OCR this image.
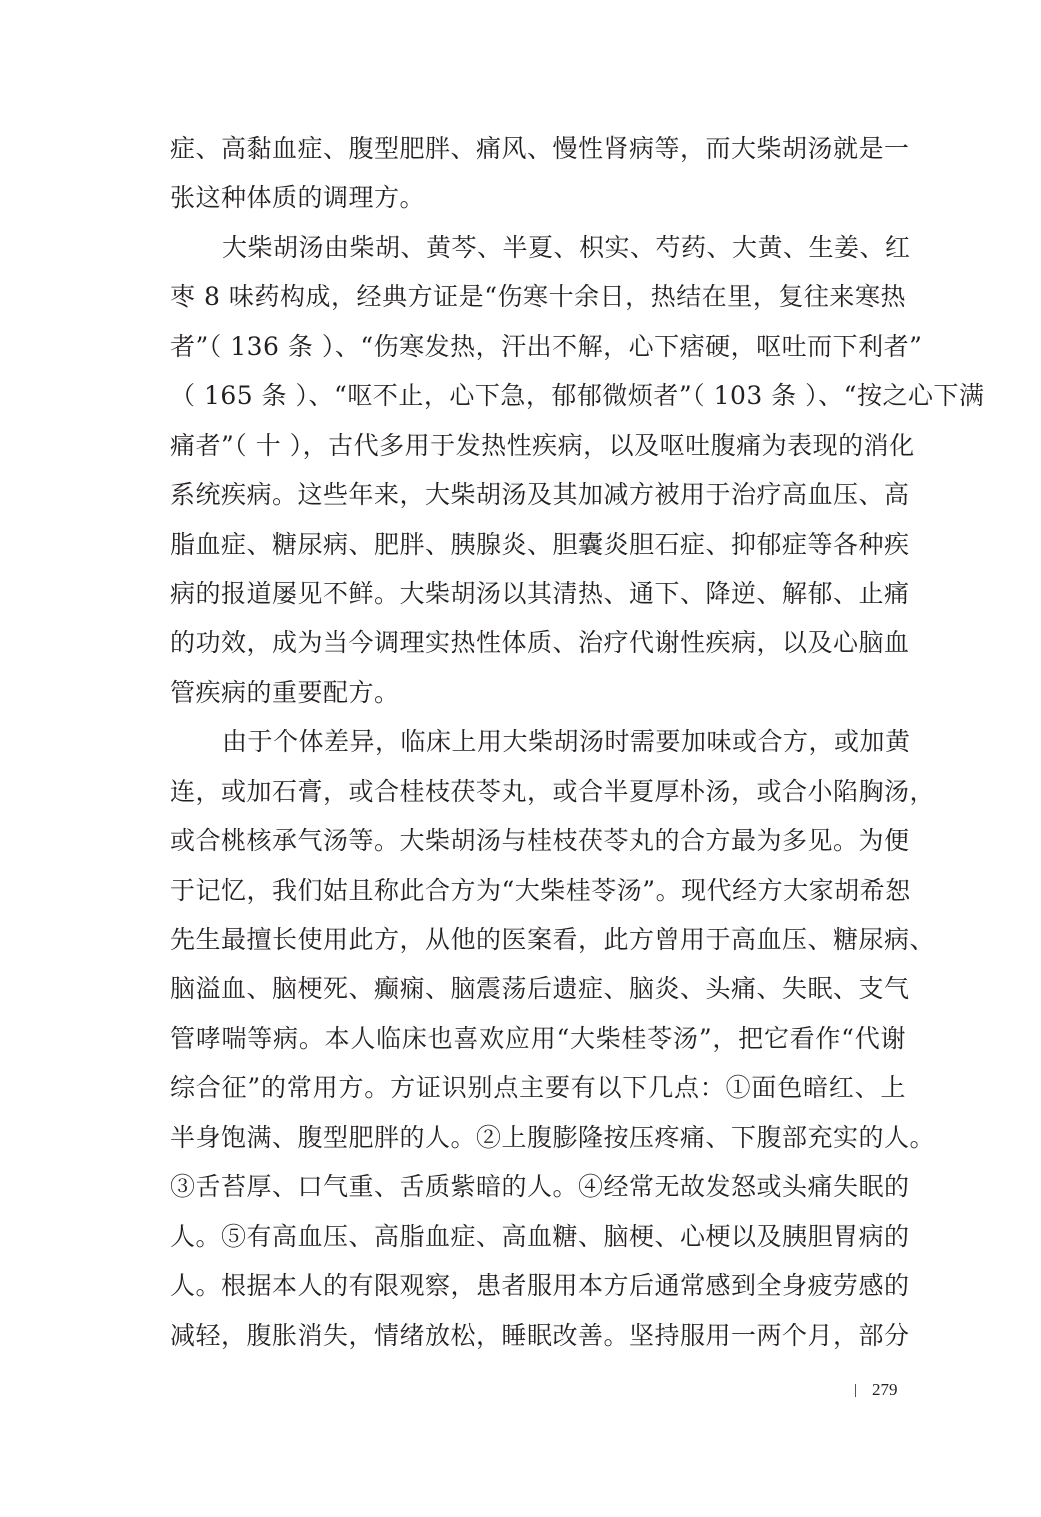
症、高黏血症、腹型肥胖、痛风、慢性肾病等，而大柴胡汤就是一
张这种体质的调理方。
大柴胡汤由柴胡、黄芩、半夏、枳实、芍药、大黄、生姜、红
枣 8 味药构成，经典方证是“伤寒十余日，热结在里，复往来寒热
者”（ 136 条 ）、“伤寒发热，汗出不解，心下痞硬，呕吐而下利者”
（ 165 条 ）、“呕不止，心下急，郁郁微烦者”（ 103 条 ）、“按之心下满
痛者”（ 十 ），古代多用于发热性疾病，以及呕吐腹痛为表现的消化
系统疾病。这些年来，大柴胡汤及其加减方被用于治疗高血压、高
脂血症、糖尿病、肥胖、胰腺炎、胆囊炎胆石症、抑郁症等各种疾
病的报道屡见不鲜。大柴胡汤以其清热、通下、降逆、解郁、止痛
的功效，成为当今调理实热性体质、治疗代谢性疾病，以及心脑血
管疾病的重要配方。
由于个体差异，临床上用大柴胡汤时需要加味或合方，或加黄
连，或加石膏，或合桂枝茯苓丸，或合半夏厚朴汤，或合小陷胸汤，
或合桃核承气汤等。大柴胡汤与桂枝茯苓丸的合方最为多见。为便
于记忆，我们姑且称此合方为“大柴桂苓汤”。现代经方大家胡希恕
先生最擅长使用此方，从他的医案看，此方曾用于高血压、糖尿病、
脑溢血、脑梗死、癫痫、脑震荡后遗症、脑炎、头痛、失眠、支气
管哮喘等病。本人临床也喜欢应用“大柴桂苓汤”，把它看作“代谢
综合征”的常用方。方证识别点主要有以下几点：①面色暗红、上
半身饱满、腹型肥胖的人。②上腹膨隆按压疼痛、下腹部充实的人。
③舌苔厚、口气重、舌质紫暗的人。④经常无故发怒或头痛失眠的
人。⑤有高血压、高脂血症、高血糖、脑梗、心梗以及胰胆胃病的
人。根据本人的有限观察，患者服用本方后通常感到全身疲劳感的
减轻，腹胀消失，情绪放松，睡眠改善。坚持服用一两个月，部分
279
